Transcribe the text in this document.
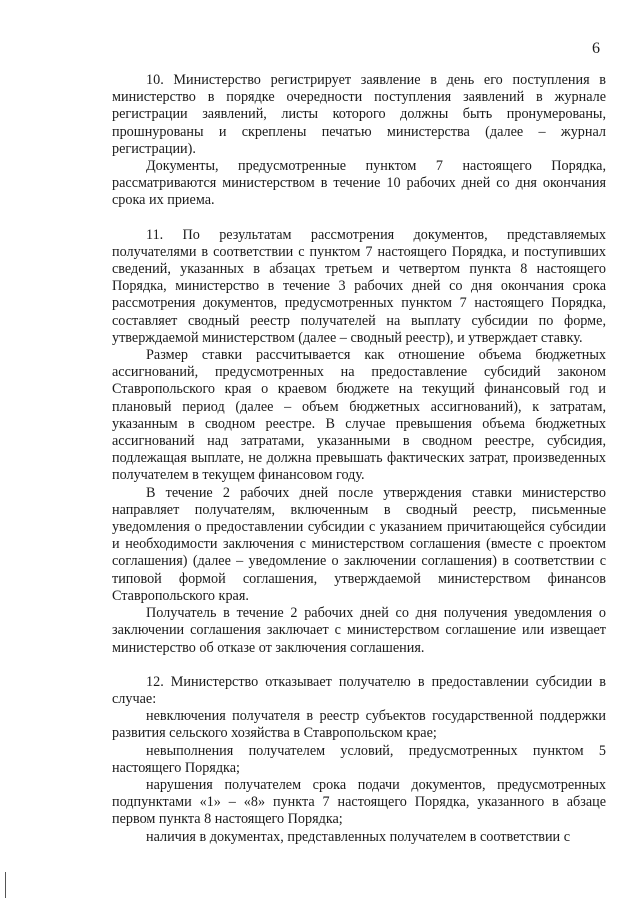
6

10. Министерство регистрирует заявление в день его поступления в министерство в порядке очередности поступления заявлений в журнале регистрации заявлений, листы которого должны быть пронумерованы, прошнурованы и скреплены печатью министерства (далее – журнал регистрации).

Документы, предусмотренные пунктом 7 настоящего Порядка, рассматриваются министерством в течение 10 рабочих дней со дня окончания срока их приема.

11. По результатам рассмотрения документов, представляемых получателями в соответствии с пунктом 7 настоящего Порядка, и поступивших сведений, указанных в абзацах третьем и четвертом пункта 8 настоящего Порядка, министерство в течение 3 рабочих дней со дня окончания срока рассмотрения документов, предусмотренных пунктом 7 настоящего Порядка, составляет сводный реестр получателей на выплату субсидии по форме, утверждаемой министерством (далее – сводный реестр), и утверждает ставку.

Размер ставки рассчитывается как отношение объема бюджетных ассигнований, предусмотренных на предоставление субсидий законом Ставропольского края о краевом бюджете на текущий финансовый год и плановый период (далее – объем бюджетных ассигнований), к затратам, указанным в сводном реестре. В случае превышения объема бюджетных ассигнований над затратами, указанными в сводном реестре, субсидия, подлежащая выплате, не должна превышать фактических затрат, произведенных получателем в текущем финансовом году.

В течение 2 рабочих дней после утверждения ставки министерство направляет получателям, включенным в сводный реестр, письменные уведомления о предоставлении субсидии с указанием причитающейся субсидии и необходимости заключения с министерством соглашения (вместе с проектом соглашения) (далее – уведомление о заключении соглашения) в соответствии с типовой формой соглашения, утверждаемой министерством финансов Ставропольского края.

Получатель в течение 2 рабочих дней со дня получения уведомления о заключении соглашения заключает с министерством соглашение или извещает министерство об отказе от заключения соглашения.

12. Министерство отказывает получателю в предоставлении субсидии в случае:

невключения получателя в реестр субъектов государственной поддержки развития сельского хозяйства в Ставропольском крае;

невыполнения получателем условий, предусмотренных пунктом 5 настоящего Порядка;

нарушения получателем срока подачи документов, предусмотренных подпунктами «1» – «8» пункта 7 настоящего Порядка, указанного в абзаце первом пункта 8 настоящего Порядка;

наличия в документах, представленных получателем в соответствии с
